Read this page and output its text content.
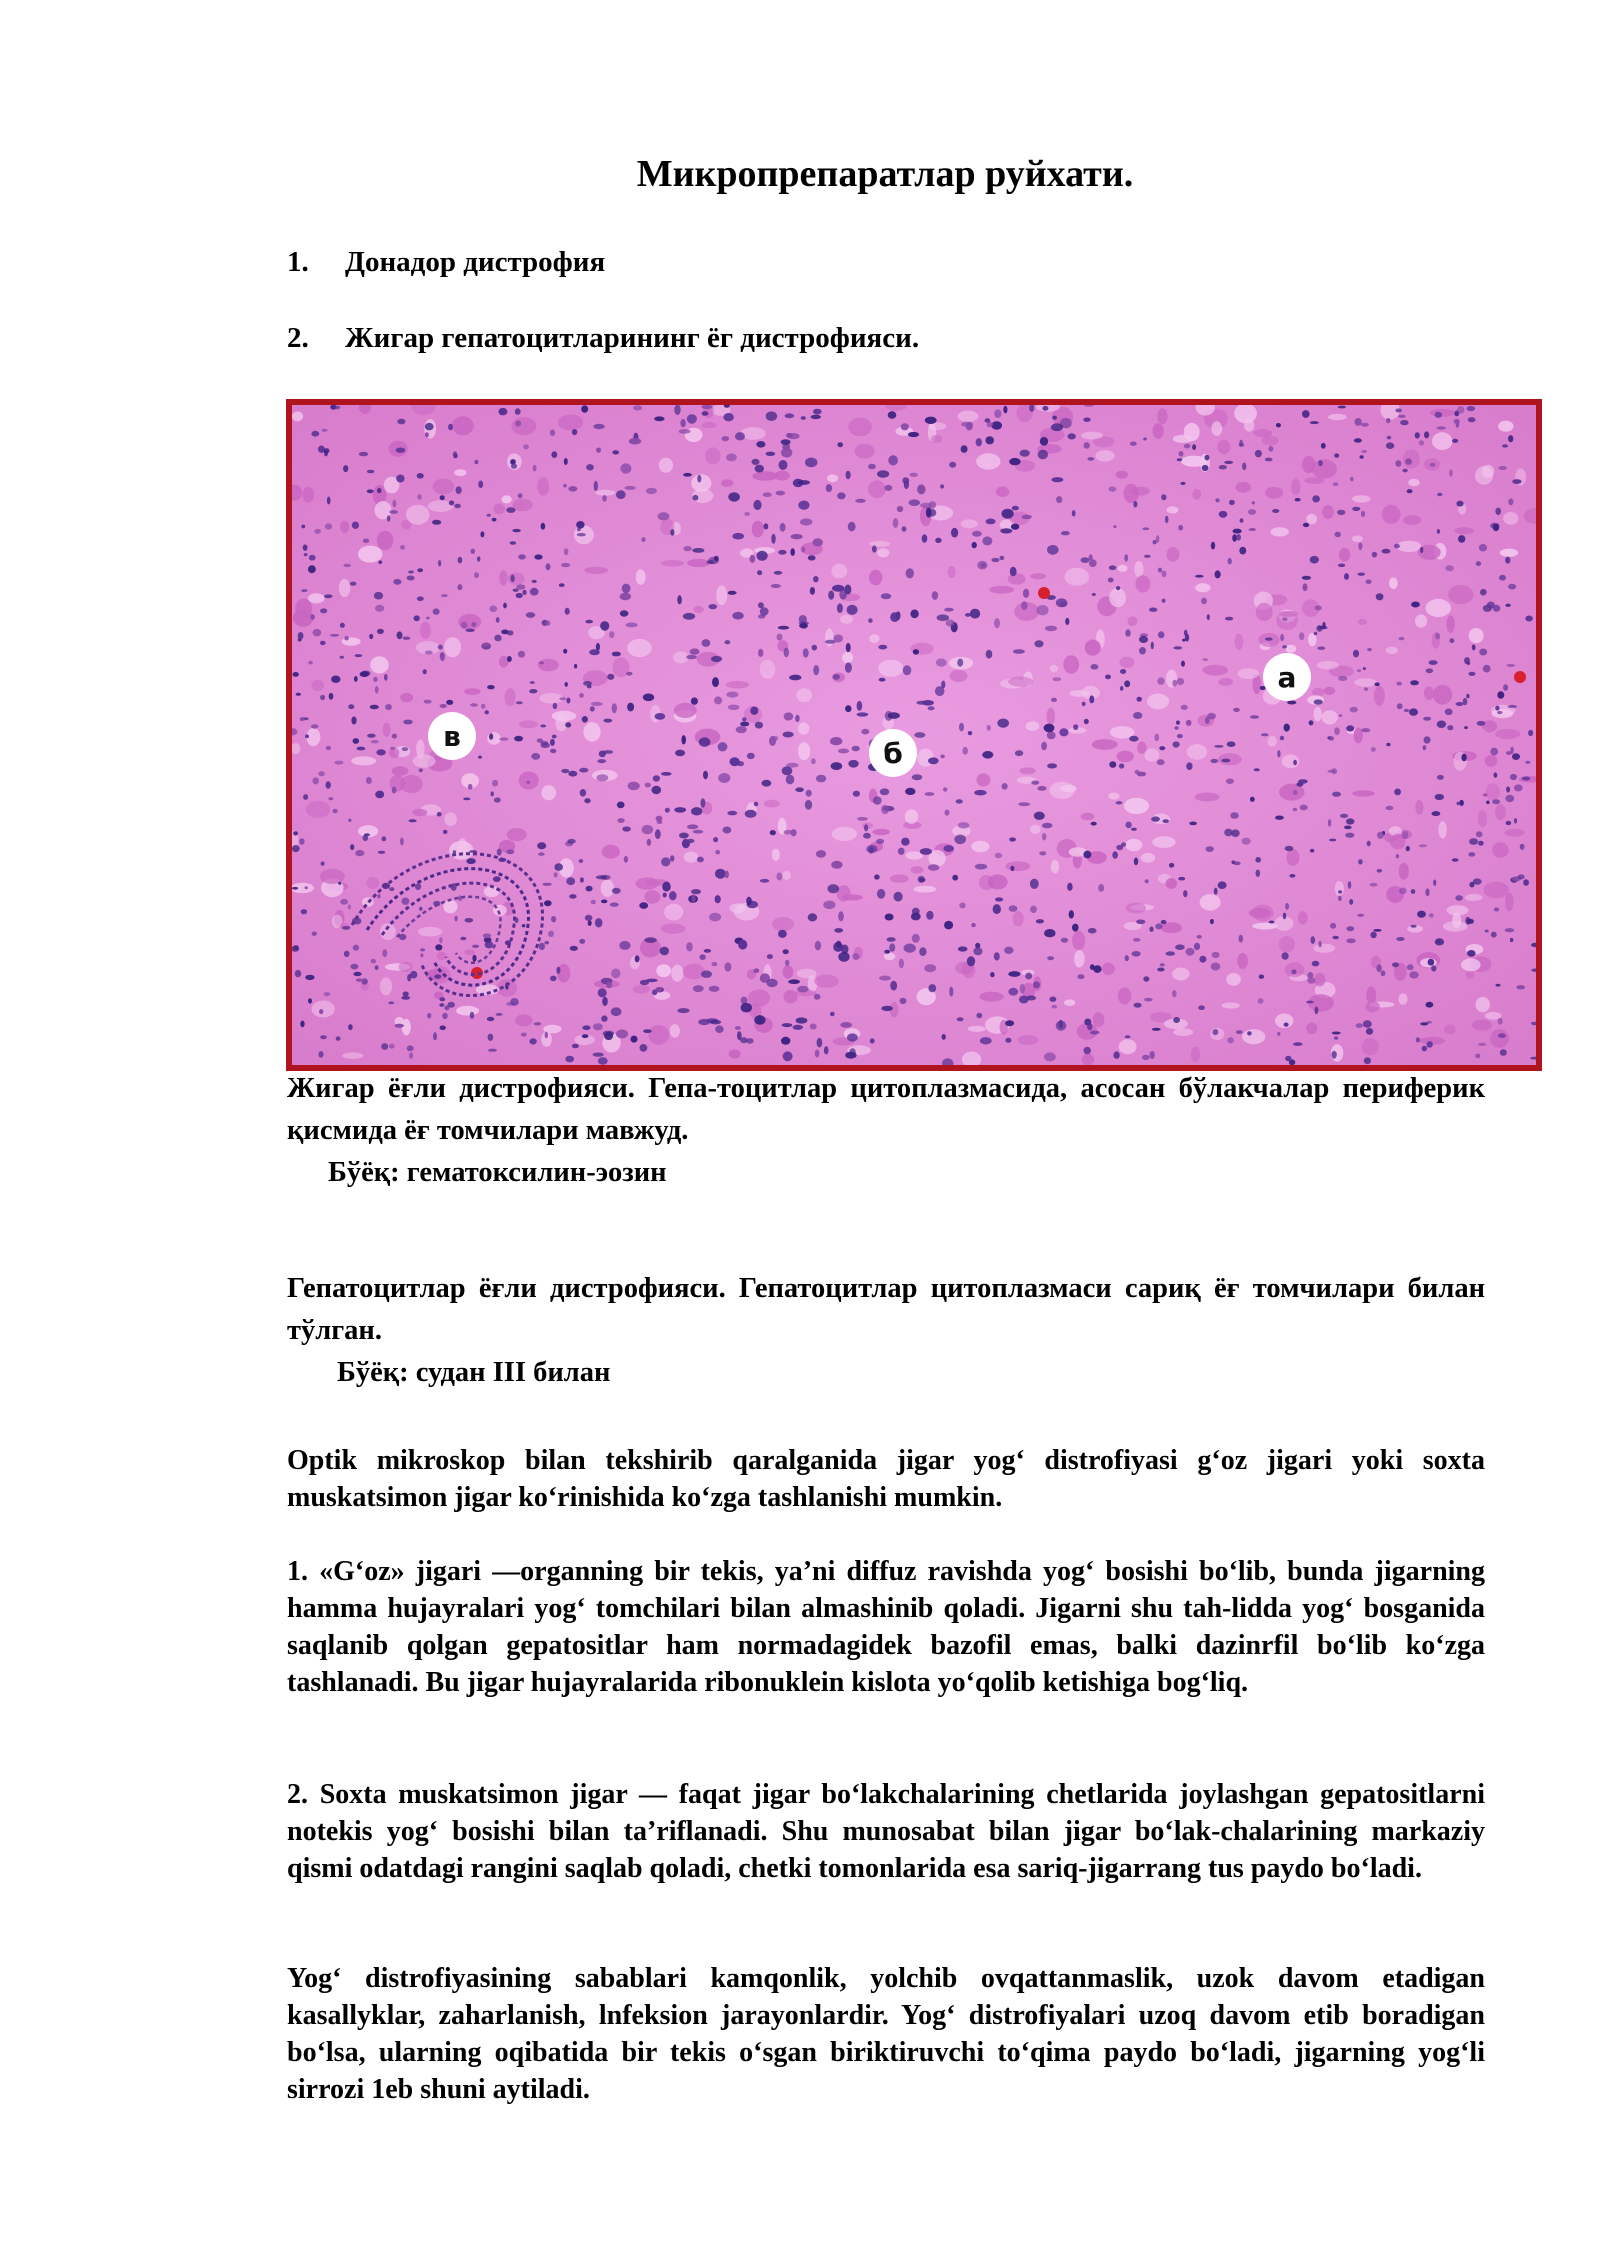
Микропрепаратлар руйхати.
1. Донадор дистрофия
2. Жигар гепатоцитларининг ёг дистрофияси.
а
б
в
Жигар ёғли дистрофияси. Гепа-тоцитлар цитоплазмасида, асосан бўлакчалар периферик қисмида ёғ томчилари мавжуд.
Бўёқ: гематоксилин-эозин
Гепатоцитлар ёғли дистрофияси. Гепатоцитлар цитоплазмаси сариқ ёғ томчилари билан тўлган.
Бўёқ: судан III билан
Optik mikroskop bilan tekshirib qaralganida jigar yogʻ distrofiyasi gʻoz jigari yoki soxta muskatsimon jigar koʻrinishida koʻzga tashlanishi mumkin.
1. «Gʻoz» jigari —organning bir tekis, ya’ni diffuz ravishda yogʻ bosishi boʻlib, bunda jigarning hamma hujayralari yogʻ tomchilari bilan almashinib qoladi. Jigarni shu tah-lidda yogʻ bosganida saqlanib qolgan gepatositlar ham normadagidek bazofil emas, balki dazinrfil boʻlib koʻzga tashlanadi. Bu jigar hujayralarida ribonuklein kislota yoʻqolib ketishiga bogʻliq.
2. Soxta muskatsimon jigar — faqat jigar boʻlakchalarining chetlarida joylashgan gepatositlarni notekis yogʻ bosishi bilan ta’riflanadi. Shu munosabat bilan jigar boʻlak-chalarining markaziy qismi odatdagi rangini saqlab qoladi, chetki tomonlarida esa sariq-jigarrang tus paydo boʻladi.
Yogʻ distrofiyasining sabablari kamqonlik, yolchib ovqattanmaslik, uzok davom etadigan kasallyklar, zaharlanish, lnfeksion jarayonlardir. Yogʻ distrofiyalari uzoq davom etib boradigan boʻlsa, ularning oqibatida bir tekis oʻsgan biriktiruvchi toʻqima paydo boʻladi, jigarning yogʻli sirrozi 1eb shuni aytiladi.
